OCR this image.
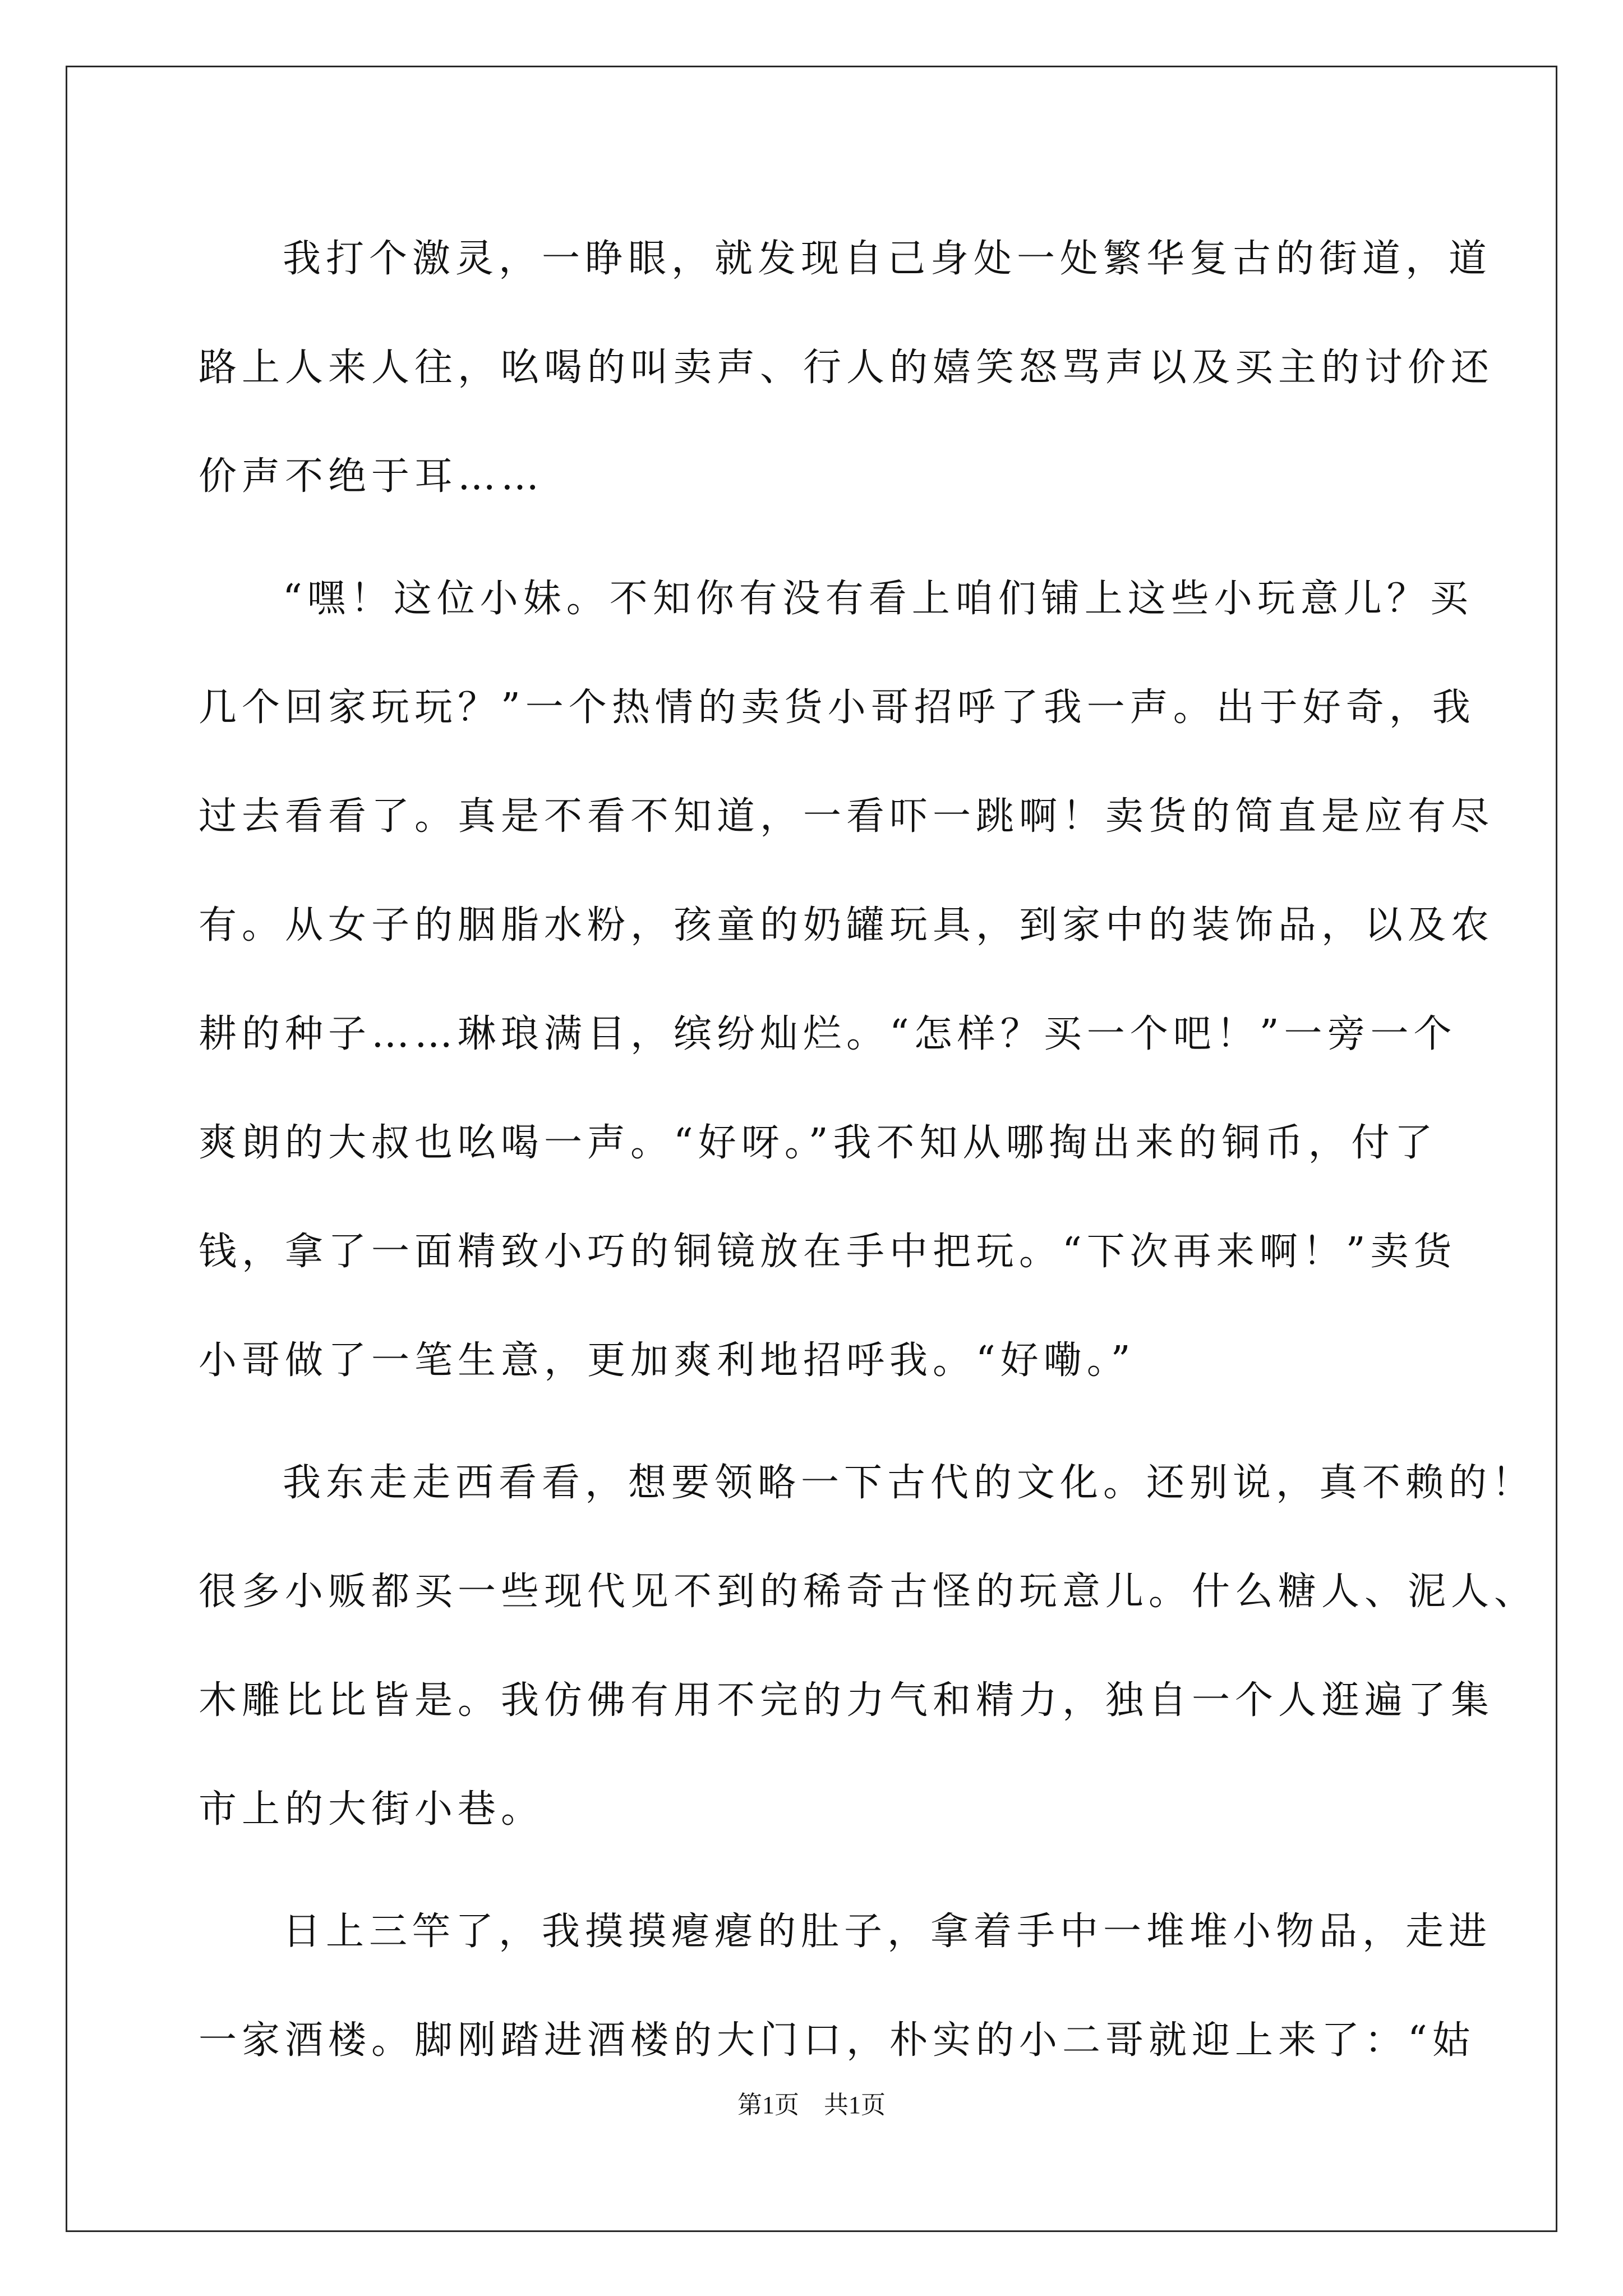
我打个激灵，一睁眼，就发现自己身处一处繁华复古的街道，道
路上人来人往，吆喝的叫卖声、行人的嬉笑怒骂声以及买主的讨价还
价声不绝于耳……
“嘿！这位小妹。不知你有没有看上咱们铺上这些小玩意儿？买
几个回家玩玩？”一个热情的卖货小哥招呼了我一声。出于好奇，我
过去看看了。真是不看不知道，一看吓一跳啊！卖货的简直是应有尽
有。从女子的胭脂水粉，孩童的奶罐玩具，到家中的装饰品，以及农
耕的种子……琳琅满目，缤纷灿烂。“怎样？买一个吧！”一旁一个
爽朗的大叔也吆喝一声。“好呀。”我不知从哪掏出来的铜币，付了
钱，拿了一面精致小巧的铜镜放在手中把玩。“下次再来啊！”卖货
小哥做了一笔生意，更加爽利地招呼我。“好嘞。”
我东走走西看看，想要领略一下古代的文化。还别说，真不赖的！
很多小贩都买一些现代见不到的稀奇古怪的玩意儿。什么糖人、泥人、
木雕比比皆是。我仿佛有用不完的力气和精力，独自一个人逛遍了集
市上的大街小巷。
日上三竿了，我摸摸瘪瘪的肚子，拿着手中一堆堆小物品，走进
一家酒楼。脚刚踏进酒楼的大门口，朴实的小二哥就迎上来了：“姑
第1页　共1页
